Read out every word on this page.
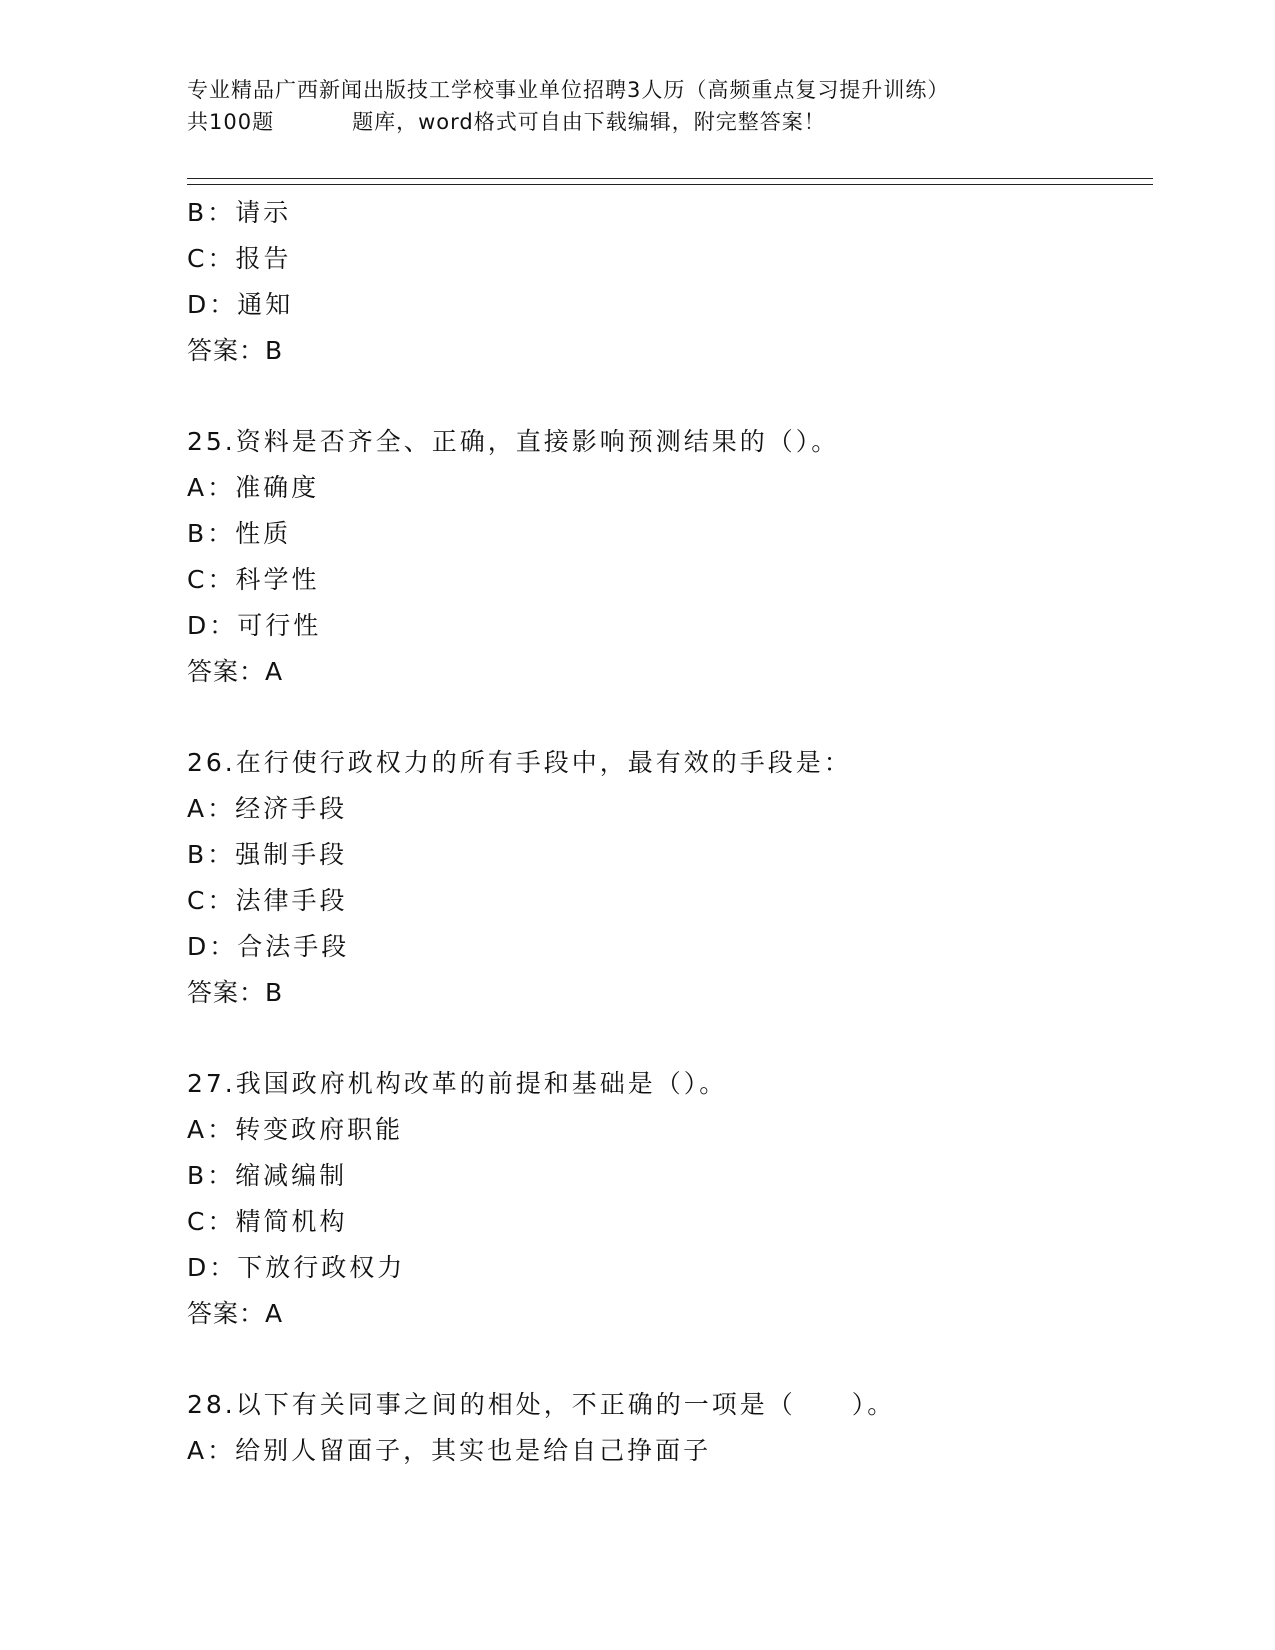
专业精品广西新闻出版技工学校事业单位招聘3人历（高频重点复习提升训练）
共100题	题库，word格式可自由下载编辑，附完整答案！
B：请示
C：报告
D：通知
答案：B
25.资料是否齐全、正确，直接影响预测结果的（）。
A：准确度
B：性质
C：科学性
D：可行性
答案：A
26.在行使行政权力的所有手段中，最有效的手段是：
A：经济手段
B：强制手段
C：法律手段
D：合法手段
答案：B
27.我国政府机构改革的前提和基础是（）。
A：转变政府职能
B：缩减编制
C：精简机构
D：下放行政权力
答案：A
28.以下有关同事之间的相处，不正确的一项是（　　）。
A：给别人留面子，其实也是给自己挣面子
